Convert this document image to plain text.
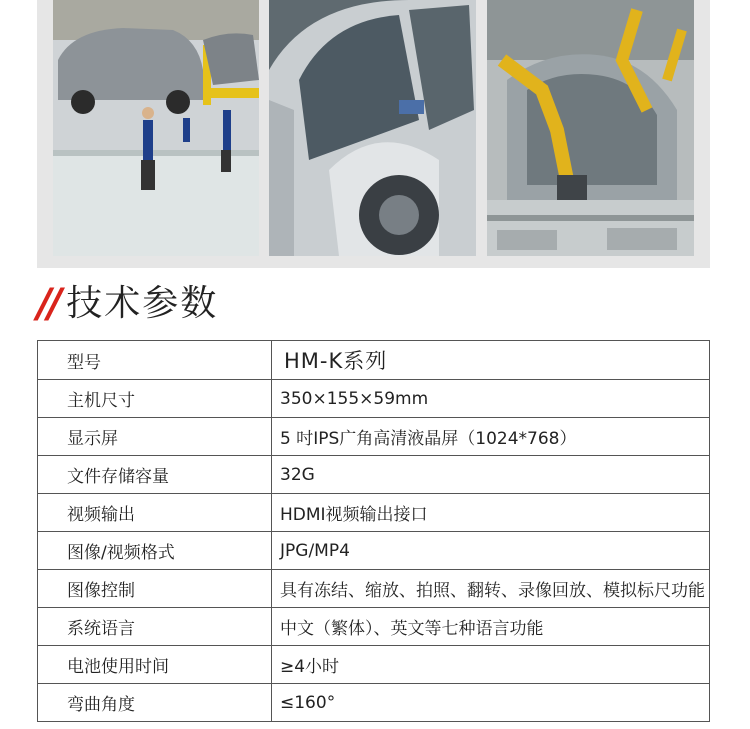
// 技术参数
型号	HM-K系列
主机尺寸	350×155×59mm
显示屏	5 吋IPS广角高清液晶屏（1024*768）
文件存储容量	32G
视频输出	HDMI视频输出接口
图像/视频格式	JPG/MP4
图像控制	具有冻结、缩放、拍照、翻转、录像回放、模拟标尺功能
系统语言	中文（繁体）、英文等七种语言功能
电池使用时间	≥4小时
弯曲角度	≤160°
